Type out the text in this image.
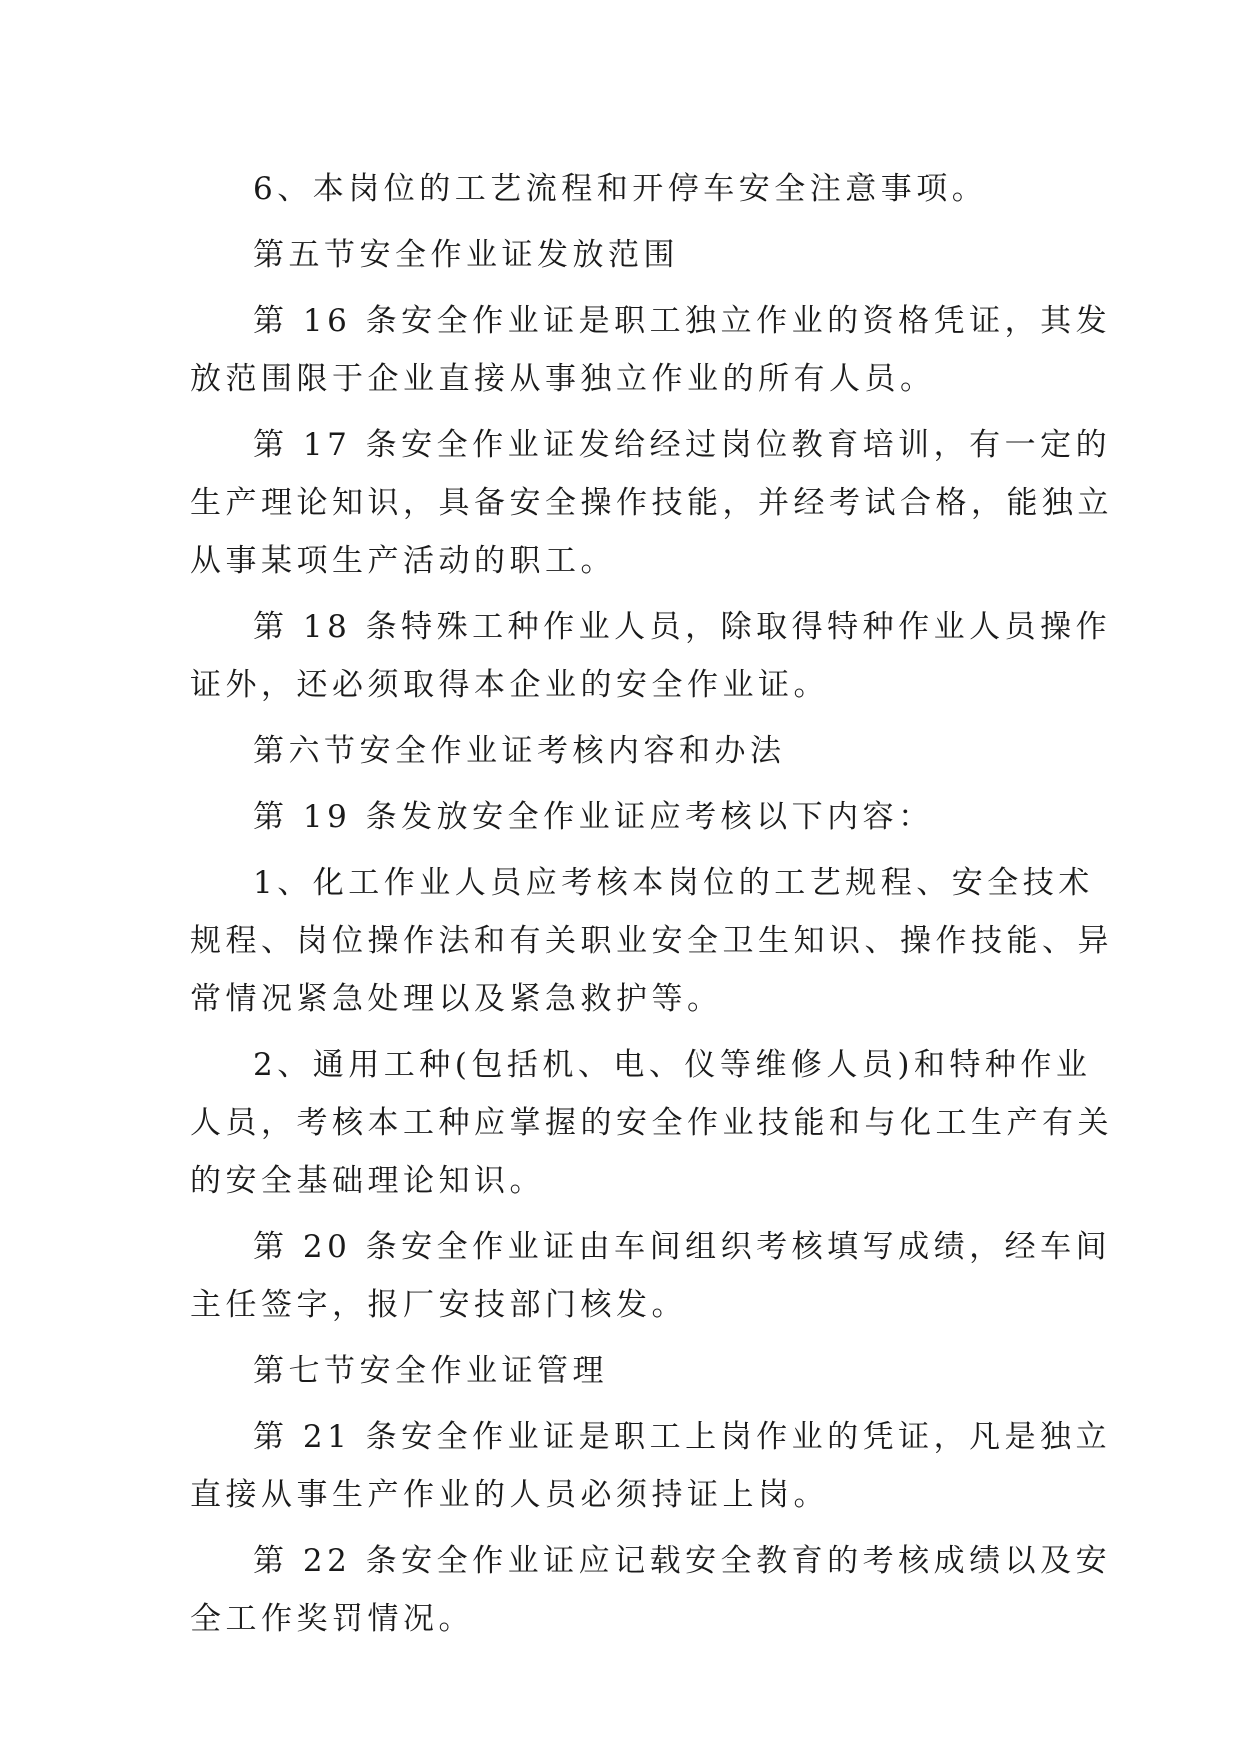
6、本岗位的工艺流程和开停车安全注意事项。
第五节安全作业证发放范围
第 16 条安全作业证是职工独立作业的资格凭证，其发
放范围限于企业直接从事独立作业的所有人员。
第 17 条安全作业证发给经过岗位教育培训，有一定的
生产理论知识，具备安全操作技能，并经考试合格，能独立
从事某项生产活动的职工。
第 18 条特殊工种作业人员，除取得特种作业人员操作
证外，还必须取得本企业的安全作业证。
第六节安全作业证考核内容和办法
第 19 条发放安全作业证应考核以下内容：
1、化工作业人员应考核本岗位的工艺规程、安全技术
规程、岗位操作法和有关职业安全卫生知识、操作技能、异
常情况紧急处理以及紧急救护等。
2、通用工种(包括机、电、仪等维修人员)和特种作业
人员，考核本工种应掌握的安全作业技能和与化工生产有关
的安全基础理论知识。
第 20 条安全作业证由车间组织考核填写成绩，经车间
主任签字，报厂安技部门核发。
第七节安全作业证管理
第 21 条安全作业证是职工上岗作业的凭证，凡是独立
直接从事生产作业的人员必须持证上岗。
第 22 条安全作业证应记载安全教育的考核成绩以及安
全工作奖罚情况。
